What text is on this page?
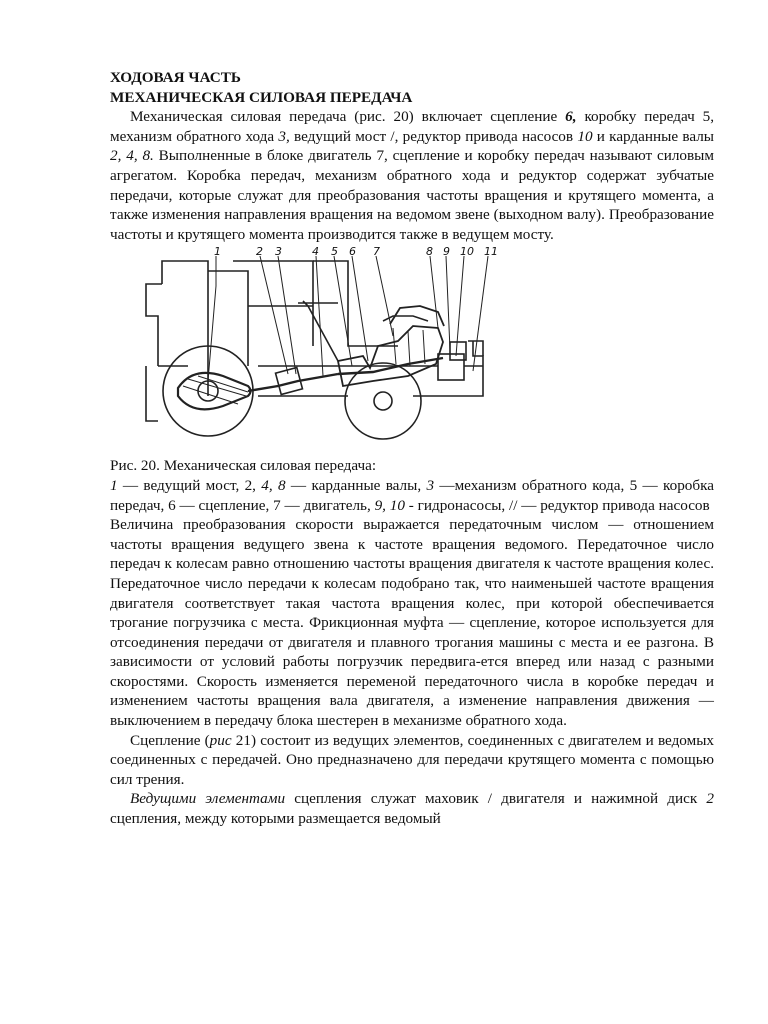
ХОДОВАЯ ЧАСТЬ
МЕХАНИЧЕСКАЯ СИЛОВАЯ ПЕРЕДАЧА

Механическая силовая передача (рис. 20) включает сцепление 6, коробку передач 5, механизм обратного хода 3, ведущий мост /, редуктор привода насосов 10 и карданные валы 2, 4, 8. Выполненные в блоке двигатель 7, сцепление и коробку передач называют силовым агрегатом. Коробка передач, механизм обратного хода и редуктор содержат зубчатые передачи, которые служат для преобразования частоты вращения и крутящего момента, а также изменения направления вращения на ведомом звене (выходном валу). Преобразование частоты и крутящего момента производится также в ведущем мосту.

1	2 3	4 5 6 7	8 9 10 11

Рис. 20. Механическая силовая передача:

1 — ведущий мост, 2, 4, 8 — карданные валы, 3 —механизм обратного кода, 5 — коробка передач, 6 — сцепление, 7 — двигатель, 9, 10 - гидронасосы, // — редуктор привода насосов

Величина преобразования скорости выражается передаточным числом — отношением частоты вращения ведущего звена к частоте вращения ведомого. Передаточное число передач к колесам равно отношению частоты вращения двигателя к частоте вращения колес. Передаточное число передачи к колесам подобрано так, что наименьшей частоте вращения двигателя соответствует такая частота вращения колес, при которой обеспечивается трогание погрузчика с места. Фрикционная муфта — сцепление, которое используется для отсоединения передачи от двигателя и плавного трогания машины с места и ее разгона. В зависимости от условий работы погрузчик передвига-ется вперед или назад с разными скоростями. Скорость изменяется переменой передаточного числа в коробке передач и изменением частоты вращения вала двигателя, а изменение направления движения — выключением в передачу блока шестерен в механизме обратного хода.

Сцепление (рис 21) состоит из ведущих элементов, соединенных с двигателем и ведомых соединенных с передачей. Оно предназначено для передачи крутящего момента с помощью сил трения.

Ведущими элементами сцепления служат маховик / двигателя и нажимной диск 2 сцепления, между которыми размещается ведомый
